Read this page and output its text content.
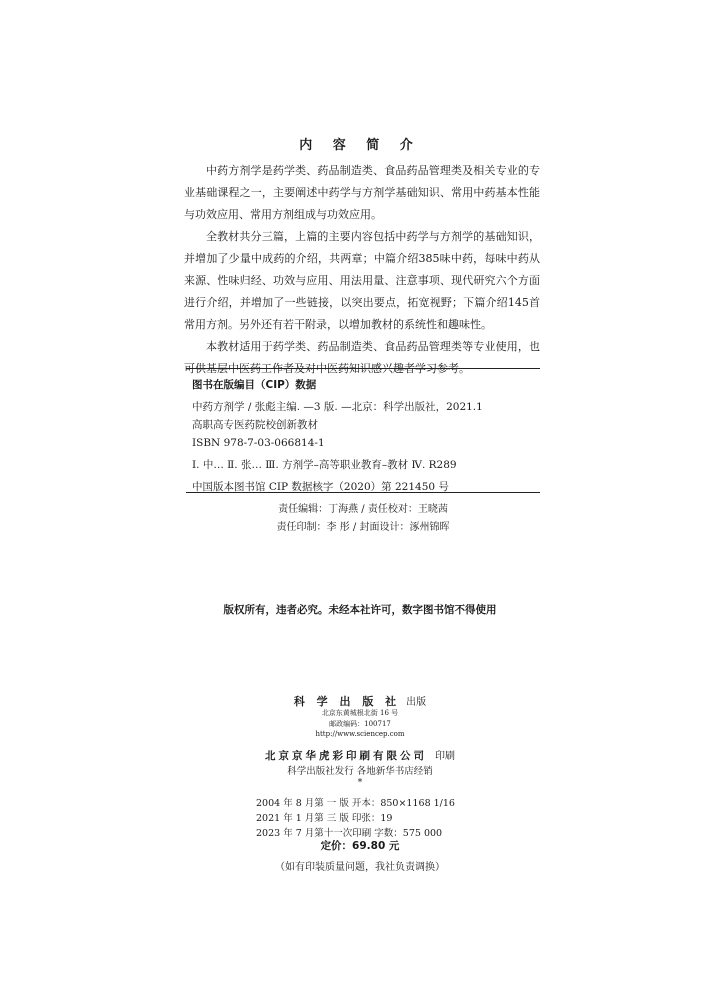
内 容 简 介

中药方剂学是药学类、药品制造类、食品药品管理类及相关专业的专业基础课程之一，主要阐述中药学与方剂学基础知识、常用中药基本性能与功效应用、常用方剂组成与功效应用。

全教材共分三篇，上篇的主要内容包括中药学与方剂学的基础知识，并增加了少量中成药的介绍，共两章；中篇介绍385味中药，每味中药从来源、性味归经、功效与应用、用法用量、注意事项、现代研究六个方面进行介绍，并增加了一些链接，以突出要点，拓宽视野；下篇介绍145首常用方剂。另外还有若干附录，以增加教材的系统性和趣味性。

本教材适用于药学类、药品制造类、食品药品管理类等专业使用，也可供基层中医药工作者及对中医药知识感兴趣者学习参考。

图书在版编目（CIP）数据
中药方剂学 / 张彪主编. —3 版. —北京：科学出版社，2021.1
高职高专医药院校创新教材
ISBN 978-7-03-066814-1
Ⅰ. 中… Ⅱ. 张… Ⅲ. 方剂学–高等职业教育–教材 Ⅳ. R289
中国版本图书馆 CIP 数据核字（2020）第 221450 号
责任编辑：丁海燕 / 责任校对：王晓茜
责任印制：李 彤 / 封面设计：涿州锦晖
版权所有，违者必究。未经本社许可，数字图书馆不得使用
科 学 出 版 社 出版
北京东黄城根北街 16 号
邮政编码：100717
http://www.sciencep.com
北京京华虎彩印刷有限公司 印刷
科学出版社发行 各地新华书店经销
*
2004 年 8 月第 一 版 开本：850×1168 1/16
2021 年 1 月第 三 版 印张：19
2023 年 7 月第十一次印刷 字数：575 000
定价：69.80 元
（如有印装质量问题，我社负责调换）
